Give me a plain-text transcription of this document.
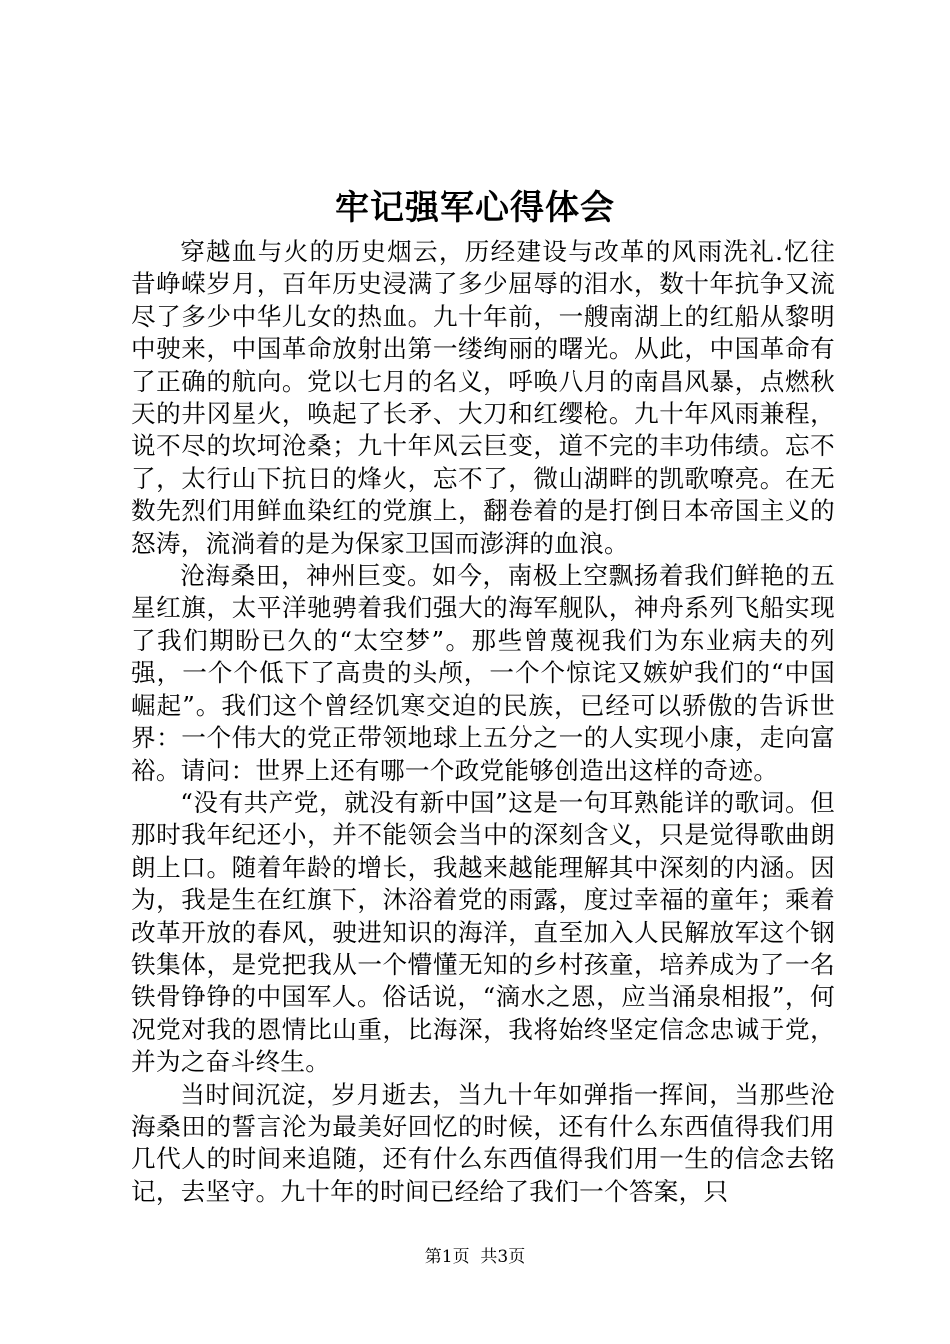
牢记强军心得体会

穿越血与火的历史烟云，历经建设与改革的风雨洗礼.忆往昔峥嵘岁月，百年历史浸满了多少屈辱的泪水，数十年抗争又流尽了多少中华儿女的热血。九十年前，一艘南湖上的红船从黎明中驶来，中国革命放射出第一缕绚丽的曙光。从此，中国革命有了正确的航向。党以七月的名义，呼唤八月的南昌风暴，点燃秋天的井冈星火，唤起了长矛、大刀和红缨枪。九十年风雨兼程，说不尽的坎坷沧桑；九十年风云巨变，道不完的丰功伟绩。忘不了，太行山下抗日的烽火，忘不了，微山湖畔的凯歌嘹亮。在无数先烈们用鲜血染红的党旗上，翻卷着的是打倒日本帝国主义的怒涛，流淌着的是为保家卫国而澎湃的血浪。

沧海桑田，神州巨变。如今，南极上空飘扬着我们鲜艳的五星红旗，太平洋驰骋着我们强大的海军舰队，神舟系列飞船实现了我们期盼已久的“太空梦”。那些曾蔑视我们为东业病夫的列强，一个个低下了高贵的头颅，一个个惊诧又嫉妒我们的“中国崛起”。我们这个曾经饥寒交迫的民族，已经可以骄傲的告诉世界：一个伟大的党正带领地球上五分之一的人实现小康，走向富裕。请问：世界上还有哪一个政党能够创造出这样的奇迹。

“没有共产党，就没有新中国”这是一句耳熟能详的歌词。但那时我年纪还小，并不能领会当中的深刻含义，只是觉得歌曲朗朗上口。随着年龄的增长，我越来越能理解其中深刻的内涵。因为，我是生在红旗下，沐浴着党的雨露，度过幸福的童年；乘着改革开放的春风，驶进知识的海洋，直至加入人民解放军这个钢铁集体，是党把我从一个懵懂无知的乡村孩童，培养成为了一名铁骨铮铮的中国军人。俗话说，“滴水之恩，应当涌泉相报”，何况党对我的恩情比山重，比海深，我将始终坚定信念忠诚于党，并为之奋斗终生。

当时间沉淀，岁月逝去，当九十年如弹指一挥间，当那些沧海桑田的誓言沦为最美好回忆的时候，还有什么东西值得我们用几代人的时间来追随，还有什么东西值得我们用一生的信念去铭记，去坚守。九十年的时间已经给了我们一个答案，只

第1页  共3页
